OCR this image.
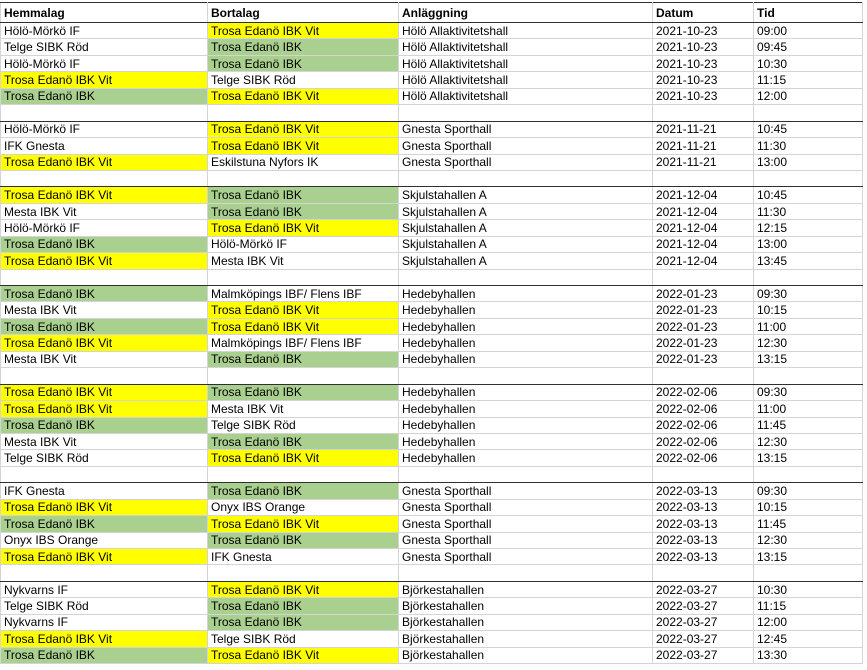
Hemmalag	Bortalag	Anläggning	Datum	Tid
Hölö-Mörkö IF	Trosa Edanö IBK Vit	Hölö Allaktivitetshall	2021-10-23	09:00
Telge SIBK Röd	Trosa Edanö IBK	Hölö Allaktivitetshall	2021-10-23	09:45
Hölö-Mörkö IF	Trosa Edanö IBK	Hölö Allaktivitetshall	2021-10-23	10:30
Trosa Edanö IBK Vit	Telge SIBK Röd	Hölö Allaktivitetshall	2021-10-23	11:15
Trosa Edanö IBK	Trosa Edanö IBK Vit	Hölö Allaktivitetshall	2021-10-23	12:00

Hölö-Mörkö IF	Trosa Edanö IBK Vit	Gnesta Sporthall	2021-11-21	10:45
IFK Gnesta	Trosa Edanö IBK Vit	Gnesta Sporthall	2021-11-21	11:30
Trosa Edanö IBK Vit	Eskilstuna Nyfors IK	Gnesta Sporthall	2021-11-21	13:00

Trosa Edanö IBK Vit	Trosa Edanö IBK	Skjulstahallen A	2021-12-04	10:45
Mesta IBK Vit	Trosa Edanö IBK	Skjulstahallen A	2021-12-04	11:30
Hölö-Mörkö IF	Trosa Edanö IBK Vit	Skjulstahallen A	2021-12-04	12:15
Trosa Edanö IBK	Hölö-Mörkö IF	Skjulstahallen A	2021-12-04	13:00
Trosa Edanö IBK Vit	Mesta IBK Vit	Skjulstahallen A	2021-12-04	13:45

Trosa Edanö IBK	Malmköpings IBF/ Flens IBF	Hedebyhallen	2022-01-23	09:30
Mesta IBK Vit	Trosa Edanö IBK Vit	Hedebyhallen	2022-01-23	10:15
Trosa Edanö IBK	Trosa Edanö IBK Vit	Hedebyhallen	2022-01-23	11:00
Trosa Edanö IBK Vit	Malmköpings IBF/ Flens IBF	Hedebyhallen	2022-01-23	12:30
Mesta IBK Vit	Trosa Edanö IBK	Hedebyhallen	2022-01-23	13:15

Trosa Edanö IBK Vit	Trosa Edanö IBK	Hedebyhallen	2022-02-06	09:30
Trosa Edanö IBK Vit	Mesta IBK Vit	Hedebyhallen	2022-02-06	11:00
Trosa Edanö IBK	Telge SIBK Röd	Hedebyhallen	2022-02-06	11:45
Mesta IBK Vit	Trosa Edanö IBK	Hedebyhallen	2022-02-06	12:30
Telge SIBK Röd	Trosa Edanö IBK Vit	Hedebyhallen	2022-02-06	13:15

IFK Gnesta	Trosa Edanö IBK	Gnesta Sporthall	2022-03-13	09:30
Trosa Edanö IBK Vit	Onyx IBS Orange	Gnesta Sporthall	2022-03-13	10:15
Trosa Edanö IBK	Trosa Edanö IBK Vit	Gnesta Sporthall	2022-03-13	11:45
Onyx IBS Orange	Trosa Edanö IBK	Gnesta Sporthall	2022-03-13	12:30
Trosa Edanö IBK Vit	IFK Gnesta	Gnesta Sporthall	2022-03-13	13:15

Nykvarns IF	Trosa Edanö IBK Vit	Björkestahallen	2022-03-27	10:30
Telge SIBK Röd	Trosa Edanö IBK	Björkestahallen	2022-03-27	11:15
Nykvarns IF	Trosa Edanö IBK	Björkestahallen	2022-03-27	12:00
Trosa Edanö IBK Vit	Telge SIBK Röd	Björkestahallen	2022-03-27	12:45
Trosa Edanö IBK	Trosa Edanö IBK Vit	Björkestahallen	2022-03-27	13:30
